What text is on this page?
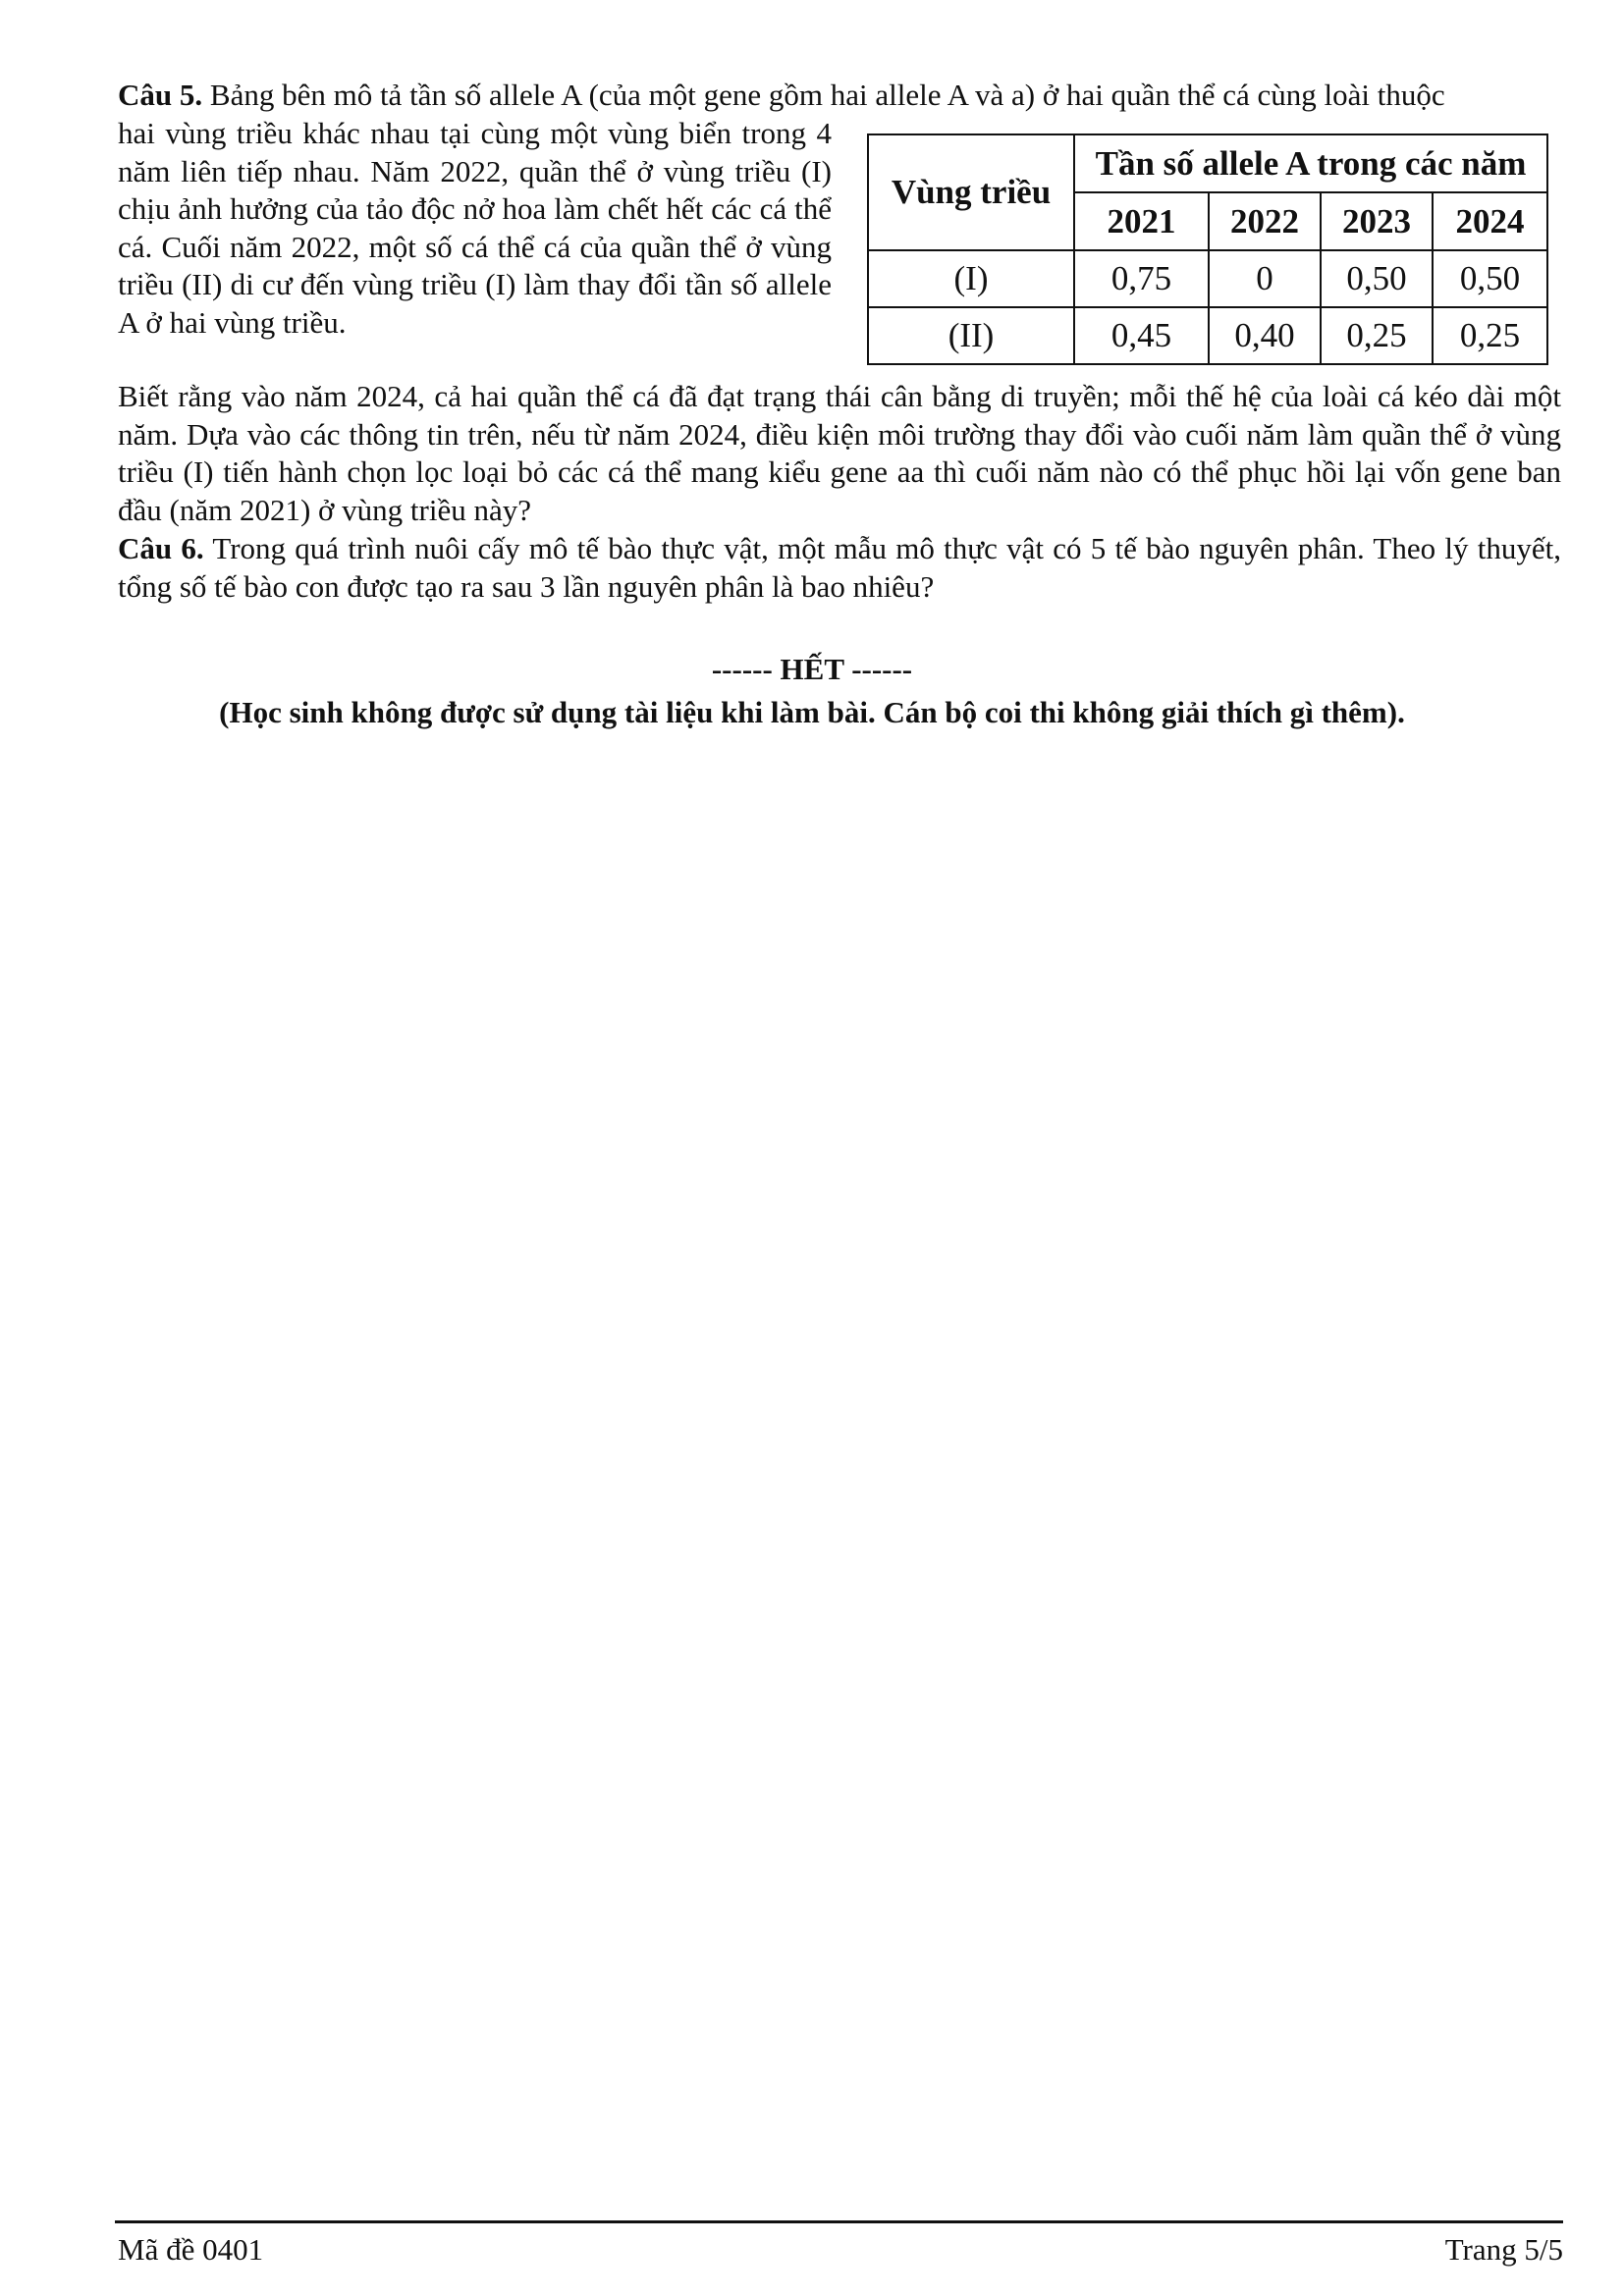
Câu 5. Bảng bên mô tả tần số allele A (của một gene gồm hai allele A và a) ở hai quần thể cá cùng loài thuộc

hai vùng triều khác nhau tại cùng một vùng biển trong 4 năm liên tiếp nhau. Năm 2022, quần thể ở vùng triều (I) chịu ảnh hưởng của tảo độc nở hoa làm chết hết các cá thể cá. Cuối năm 2022, một số cá thể cá của quần thể ở vùng triều (II) di cư đến vùng triều (I) làm thay đổi tần số allele A ở hai vùng triều.

Vùng triều	Tần số allele A trong các năm			
	2021	2022	2023	2024
(I)	0,75	0	0,50	0,50
(II)	0,45	0,40	0,25	0,25

Biết rằng vào năm 2024, cả hai quần thể cá đã đạt trạng thái cân bằng di truyền; mỗi thế hệ của loài cá kéo dài một năm. Dựa vào các thông tin trên, nếu từ năm 2024, điều kiện môi trường thay đổi vào cuối năm làm quần thể ở vùng triều (I) tiến hành chọn lọc loại bỏ các cá thể mang kiểu gene aa thì cuối năm nào có thể phục hồi lại vốn gene ban đầu (năm 2021) ở vùng triều này?

Câu 6. Trong quá trình nuôi cấy mô tế bào thực vật, một mẫu mô thực vật có 5 tế bào nguyên phân. Theo lý thuyết, tổng số tế bào con được tạo ra sau 3 lần nguyên phân là bao nhiêu?

------ HẾT ------
(Học sinh không được sử dụng tài liệu khi làm bài. Cán bộ coi thi không giải thích gì thêm).
Mã đề 0401	Trang 5/5
